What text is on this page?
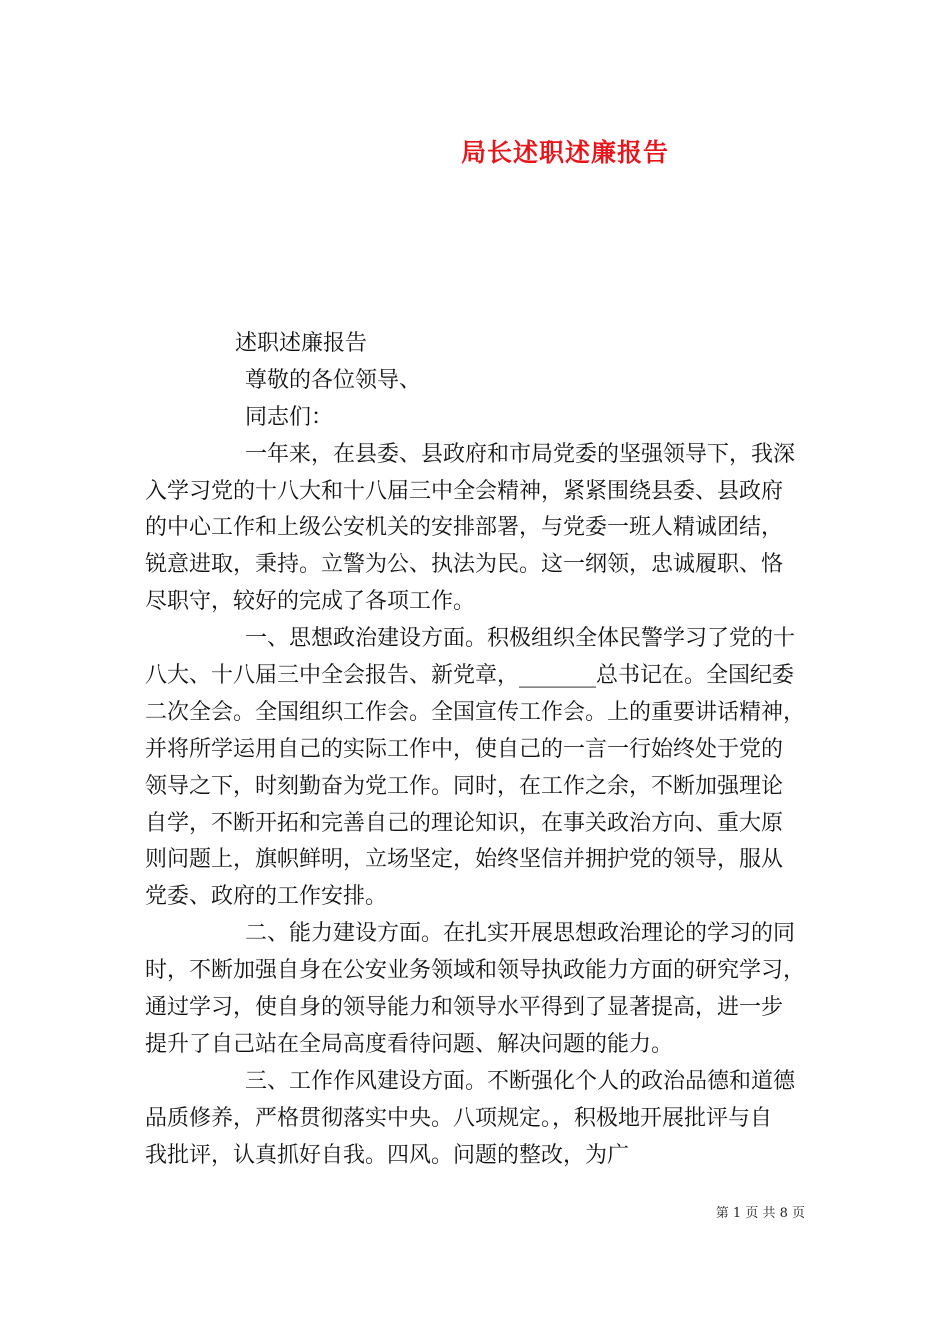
局长述职述廉报告
述职述廉报告
尊敬的各位领导、
同志们：
一年来，在县委、县政府和市局党委的坚强领导下，我深
入学习党的十八大和十八届三中全会精神，紧紧围绕县委、县政府
的中心工作和上级公安机关的安排部署，与党委一班人精诚团结，
锐意进取，秉持。立警为公、执法为民。这一纲领，忠诚履职、恪
尽职守，较好的完成了各项工作。
一、思想政治建设方面。积极组织全体民警学习了党的十
八大、十八届三中全会报告、新党章，_______总书记在。全国纪委
二次全会。全国组织工作会。全国宣传工作会。上的重要讲话精神，
并将所学运用自己的实际工作中，使自己的一言一行始终处于党的
领导之下，时刻勤奋为党工作。同时，在工作之余，不断加强理论
自学，不断开拓和完善自己的理论知识，在事关政治方向、重大原
则问题上，旗帜鲜明，立场坚定，始终坚信并拥护党的领导，服从
党委、政府的工作安排。
二、能力建设方面。在扎实开展思想政治理论的学习的同
时，不断加强自身在公安业务领域和领导执政能力方面的研究学习，
通过学习，使自身的领导能力和领导水平得到了显著提高，进一步
提升了自己站在全局高度看待问题、解决问题的能力。
三、工作作风建设方面。不断强化个人的政治品德和道德
品质修养，严格贯彻落实中央。八项规定。，积极地开展批评与自
我批评，认真抓好自我。四风。问题的整改，为广
第 1 页 共 8 页
